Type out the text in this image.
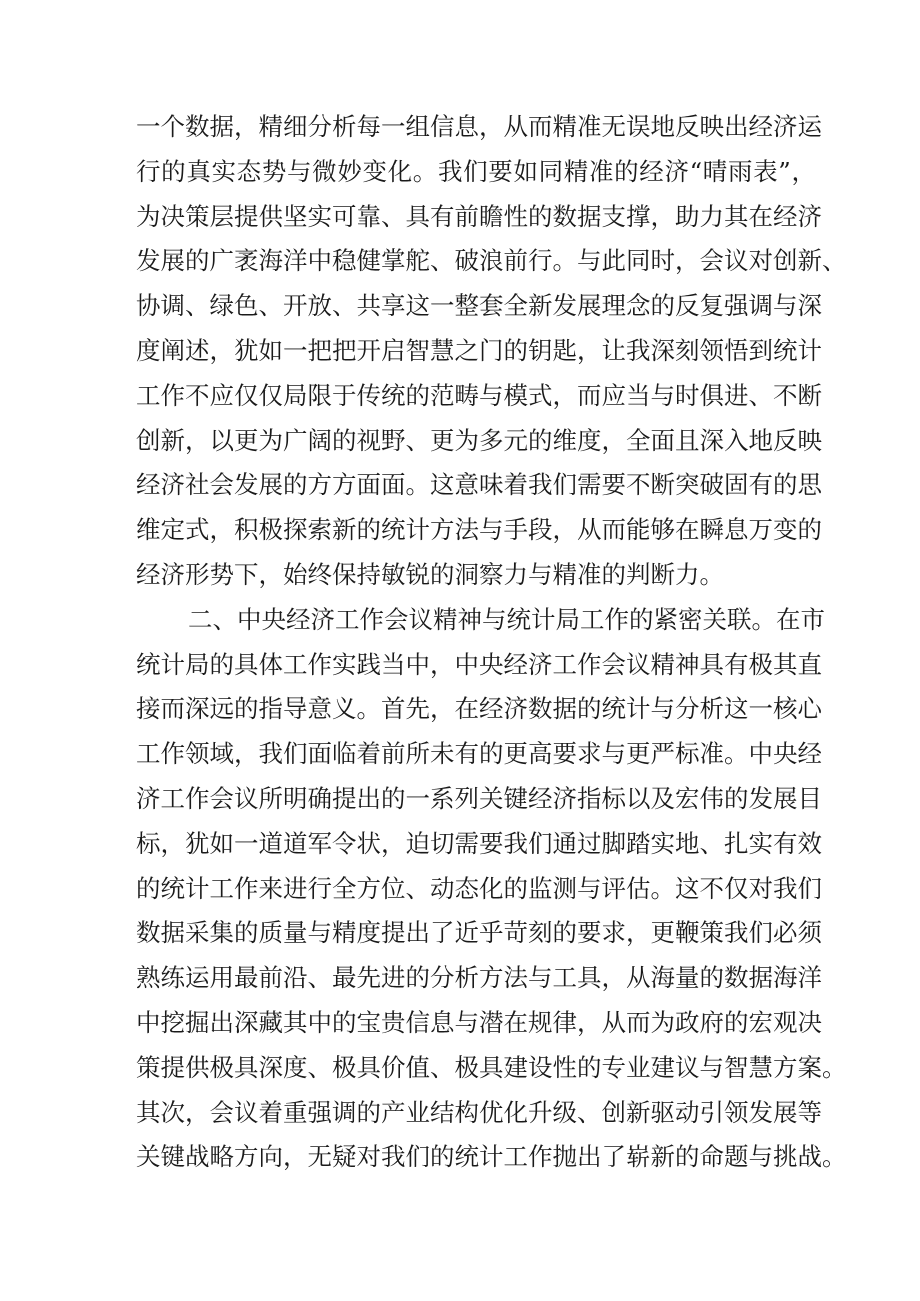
一个数据，精细分析每一组信息，从而精准无误地反映出经济运
行的真实态势与微妙变化。我们要如同精准的经济“晴雨表”，
为决策层提供坚实可靠、具有前瞻性的数据支撑，助力其在经济
发展的广袤海洋中稳健掌舵、破浪前行。与此同时，会议对创新、
协调、绿色、开放、共享这一整套全新发展理念的反复强调与深
度阐述，犹如一把把开启智慧之门的钥匙，让我深刻领悟到统计
工作不应仅仅局限于传统的范畴与模式，而应当与时俱进、不断
创新，以更为广阔的视野、更为多元的维度，全面且深入地反映
经济社会发展的方方面面。这意味着我们需要不断突破固有的思
维定式，积极探索新的统计方法与手段，从而能够在瞬息万变的
经济形势下，始终保持敏锐的洞察力与精准的判断力。
二、中央经济工作会议精神与统计局工作的紧密关联。在市
统计局的具体工作实践当中，中央经济工作会议精神具有极其直
接而深远的指导意义。首先，在经济数据的统计与分析这一核心
工作领域，我们面临着前所未有的更高要求与更严标准。中央经
济工作会议所明确提出的一系列关键经济指标以及宏伟的发展目
标，犹如一道道军令状，迫切需要我们通过脚踏实地、扎实有效
的统计工作来进行全方位、动态化的监测与评估。这不仅对我们
数据采集的质量与精度提出了近乎苛刻的要求，更鞭策我们必须
熟练运用最前沿、最先进的分析方法与工具，从海量的数据海洋
中挖掘出深藏其中的宝贵信息与潜在规律，从而为政府的宏观决
策提供极具深度、极具价值、极具建设性的专业建议与智慧方案。
其次，会议着重强调的产业结构优化升级、创新驱动引领发展等
关键战略方向，无疑对我们的统计工作抛出了崭新的命题与挑战。
